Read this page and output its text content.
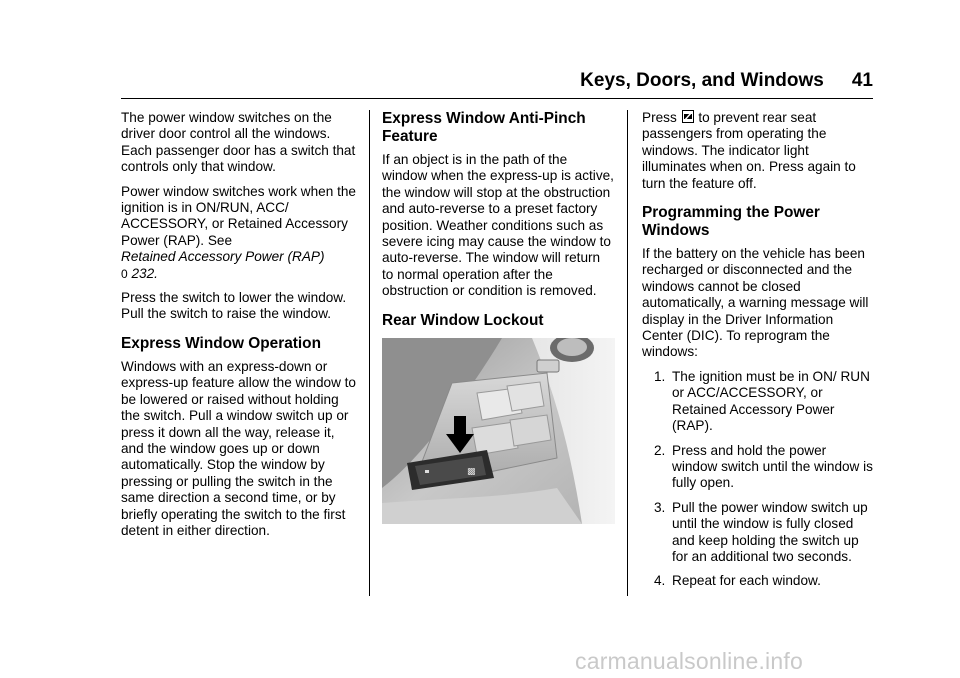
Keys, Doors, and Windows 41

The power window switches on the driver door control all the windows. Each passenger door has a switch that controls only that window.

Power window switches work when the ignition is in ON/RUN, ACC/ ACCESSORY, or Retained Accessory Power (RAP). See
Retained Accessory Power (RAP)
0 232.

Press the switch to lower the window. Pull the switch to raise the window.

Express Window Operation

Windows with an express-down or express-up feature allow the window to be lowered or raised without holding the switch. Pull a window switch up or press it down all the way, release it, and the window goes up or down automatically. Stop the window by pressing or pulling the switch in the same direction a second time, or by briefly operating the switch to the first detent in either direction.

Express Window Anti-Pinch Feature

If an object is in the path of the window when the express-up is active, the window will stop at the obstruction and auto-reverse to a preset factory position. Weather conditions such as severe icing may cause the window to auto-reverse. The window will return to normal operation after the obstruction or condition is removed.

Rear Window Lockout
▩

Press to prevent rear seat passengers from operating the windows. The indicator light illuminates when on. Press again to turn the feature off.

Programming the Power Windows

If the battery on the vehicle has been recharged or disconnected and the windows cannot be closed automatically, a warning message will display in the Driver Information Center (DIC). To reprogram the windows:

1. The ignition must be in ON/ RUN or ACC/ACCESSORY, or Retained Accessory Power (RAP).
2. Press and hold the power window switch until the window is fully open.
3. Pull the power window switch up until the window is fully closed and keep holding the switch up for an additional two seconds.
4. Repeat for each window.
carmanualsonline.info
